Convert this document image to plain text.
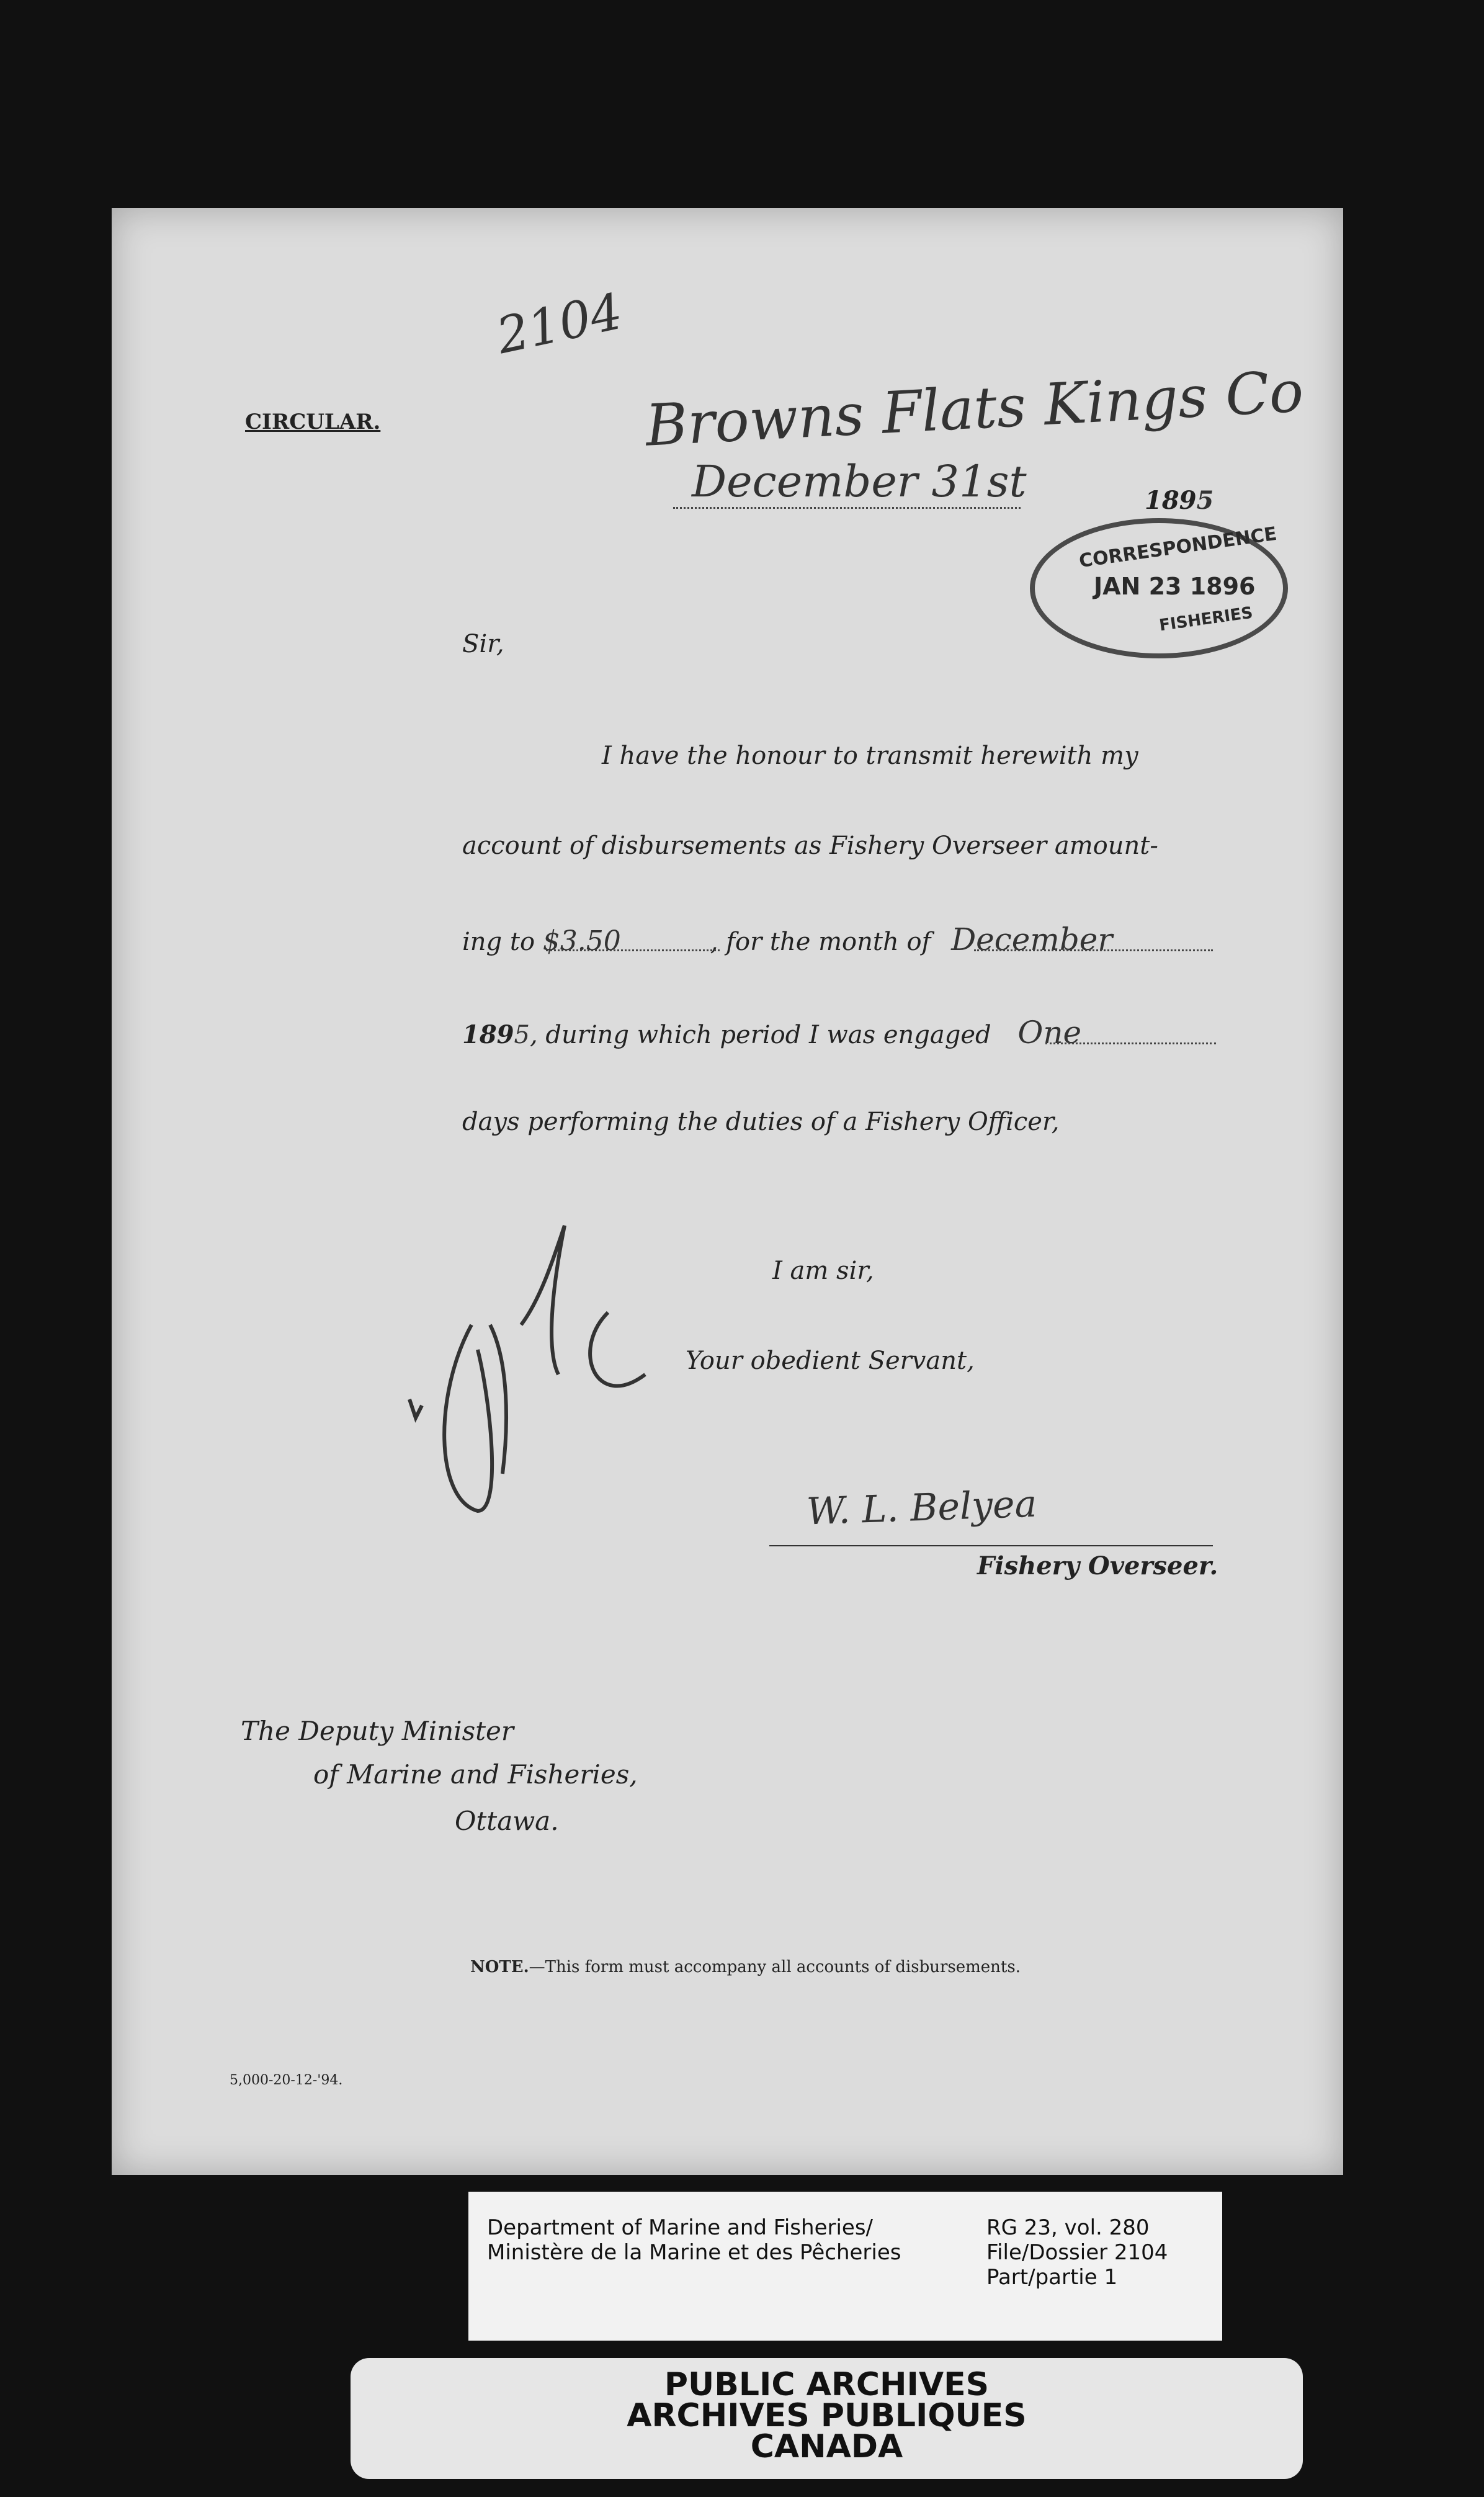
2104
CIRCULAR.	Browns Flats Kings Co
December 31st	1895
CORRESPONDENCE
JAN 23 1896
FISHERIES
Sir,
I have the honour to transmit herewith my
account of disbursements as Fishery Overseer amount-
ing to $3.50	, for the month of December
1895, during which period I was engaged One
days performing the duties of a Fishery Officer,
I am sir,
Your obedient Servant,
W. L. Belyea
Fishery Overseer.
The Deputy Minister
of Marine and Fisheries,
Ottawa.
NOTE.—This form must accompany all accounts of disbursements.
5,000-20-12-'94.
Department of Marine and Fisheries/
Ministère de la Marine et des Pêcheries
RG 23, vol. 280
File/Dossier 2104
Part/partie 1
PUBLIC ARCHIVES
ARCHIVES PUBLIQUES
CANADA
